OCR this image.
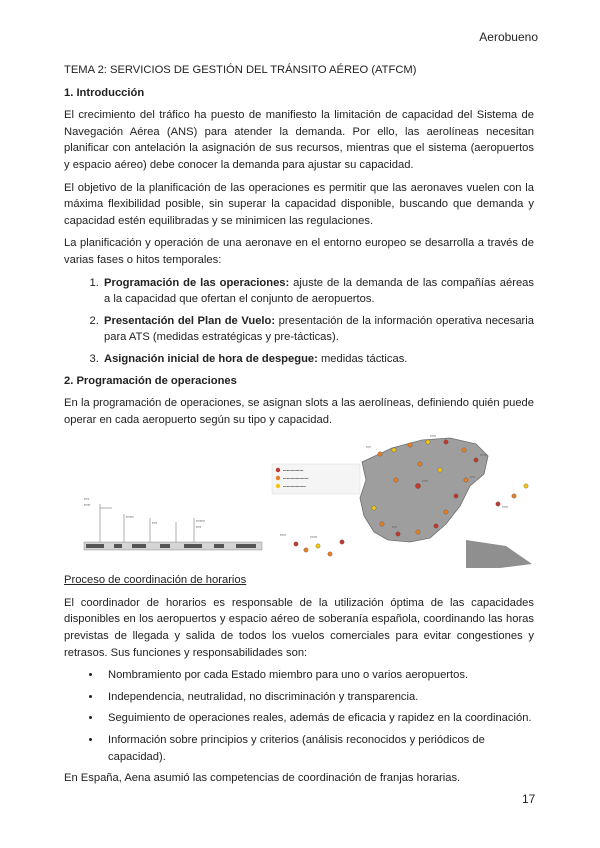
Aerobueno

TEMA 2: SERVICIOS DE GESTIÓN DEL TRÁNSITO AÉREO (ATFCM)

1. Introducción

El crecimiento del tráfico ha puesto de manifiesto la limitación de capacidad del Sistema de Navegación Aérea (ANS) para atender la demanda. Por ello, las aerolíneas necesitan planificar con antelación la asignación de sus recursos, mientras que el sistema (aeropuertos y espacio aéreo) debe conocer la demanda para ajustar su capacidad.

El objetivo de la planificación de las operaciones es permitir que las aeronaves vuelen con la máxima flexibilidad posible, sin superar la capacidad disponible, buscando que demanda y capacidad estén equilibradas y se minimicen las regulaciones.

La planificación y operación de una aeronave en el entorno europeo se desarrolla a través de varias fases o hitos temporales:

1. Programación de las operaciones: ajuste de la demanda de las compañías aéreas a la capacidad que ofertan el conjunto de aeropuertos.
2. Presentación del Plan de Vuelo: presentación de la información operativa necesaria para ATS (medidas estratégicas y pre-tácticas).
3. Asignación inicial de hora de despegue: medidas tácticas.

2. Programación de operaciones

En la programación de operaciones, se asignan slots a las aerolíneas, definiendo quién puede operar en cada aeropuerto según su tipo y capacidad.

▪▪▪▪
▪▪▪▪▪
▪▪▪▪▪▪
▪▪▪▪	▪▪▪▪▪▪▪
▪▪▪▪
▪▪▪▪▪▪▪▪▪▪▪▪▪▪▪▪
▪▪▪▪▪▪▪▪▪▪▪▪▪▪▪▪▪▪▪▪
▪▪▪▪▪▪▪▪▪▪▪▪▪▪▪▪▪▪
▪▪▪▪
▪▪▪▪▪
▪▪▪▪▪▪
▪▪▪▪▪
▪▪▪▪
▪▪▪▪▪
▪▪▪▪▪	▪▪▪▪▪▪
▪▪▪▪

Proceso de coordinación de horarios

El coordinador de horarios es responsable de la utilización óptima de las capacidades disponibles en los aeropuertos y espacio aéreo de soberanía española, coordinando las horas previstas de llegada y salida de todos los vuelos comerciales para evitar congestiones y retrasos. Sus funciones y responsabilidades son:

• Nombramiento por cada Estado miembro para uno o varios aeropuertos.
• Independencia, neutralidad, no discriminación y transparencia.
• Seguimiento de operaciones reales, además de eficacia y rapidez en la coordinación.
• Información sobre principios y criterios (análisis reconocidos y periódicos de capacidad).

En España, Aena asumió las competencias de coordinación de franjas horarias.

17
